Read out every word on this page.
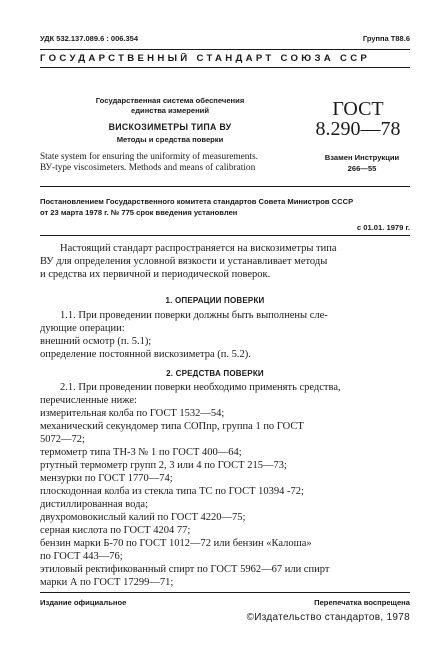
УДК 532.137.089.6 : 006.354	Группа Т88.6
ГОСУДАРСТВЕННЫЙ СТАНДАРТ СОЮЗА ССР
Государственная система обеспечения
единства измерений
ВИСКОЗИМЕТРЫ ТИПА ВУ
Методы и средства поверки
ГОСТ
8.290—78
State system for ensuring the uniformity of measurements.
ВУ-type viscosimeters. Methods and means of calibration
Взамен Инструкции
266—55
Постановлением Государственного комитета стандартов Совета Министров СССР
от 23 марта 1978 г. № 775 срок введения установлен
с 01.01. 1979 г.
Настоящий стандарт распространяется на вискозиметры типа
ВУ для определения условной вязкости и устанавливает методы
и средства их первичной и периодической поверок.
1. ОПЕРАЦИИ ПОВЕРКИ
1.1. При проведении поверки должны быть выполнены сле-
дующие операции:
внешний осмотр (п. 5.1);
определение постоянной вискозиметра (п. 5.2).
2. СРЕДСТВА ПОВЕРКИ
2.1. При проведении поверки необходимо применять средства,
перечисленные ниже:
измерительная колба по ГОСТ 1532—54;
механический секундомер типа СОПпр, группа 1 по ГОСТ
5072—72;
термометр типа ТН-3 № 1 по ГОСТ 400—64;
ртутный термометр групп 2, 3 или 4 по ГОСТ 215—73;
мензурки по ГОСТ 1770—74;
плоскодонная колба из стекла типа ТС по ГОСТ 10394 -72;
дистиллированная вода;
двухромовокислый калий по ГОСТ 4220—75;
серная кислота по ГОСТ 4204 77;
бензин марки Б-70 по ГОСТ 1012—72 или бензин «Калоша»
по ГОСТ 443—76;
этиловый ректификованный спирт по ГОСТ 5962—67 или спирт
марки А по ГОСТ 17299—71;
Издание официальное	Перепечатка воспрещена
©Издательство стандартов, 1978
